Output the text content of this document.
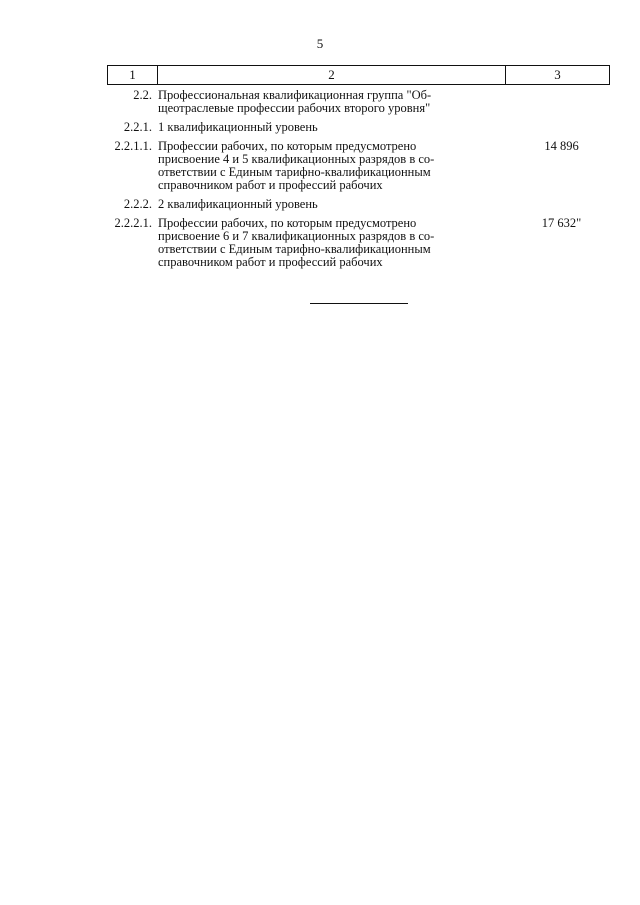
5
1	2	3
2.2. Профессиональная квалификационная группа "Об-
щеотраслевые профессии рабочих второго уровня"
2.2.1. 1 квалификационный уровень
2.2.1.1. Профессии рабочих, по которым предусмотрено
присвоение 4 и 5 квалификационных разрядов в со-
ответствии с Единым тарифно-квалификационным
справочником работ и профессий рабочих
14 896
2.2.2. 2 квалификационный уровень
2.2.2.1. Профессии рабочих, по которым предусмотрено
присвоение 6 и 7 квалификационных разрядов в со-
ответствии с Единым тарифно-квалификационным
справочником работ и профессий рабочих
17 632"
